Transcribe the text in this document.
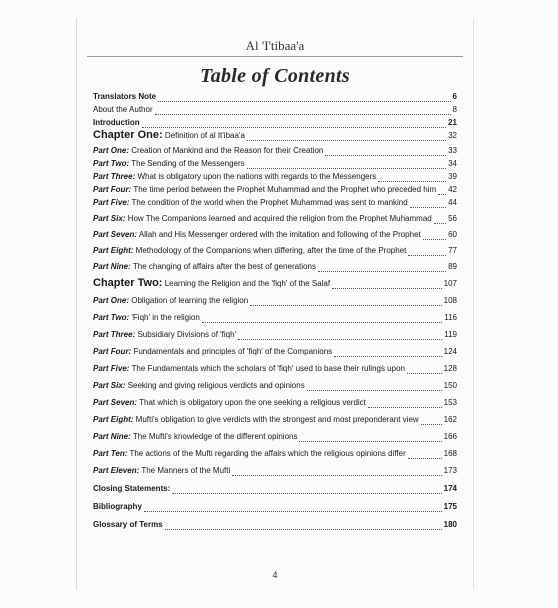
Al 'I'tibaa'a
Table of Contents
Translators Note	6
About the Author	8
Introduction	21
Chapter One: Definition of al It'ibaa'a	32
Part One: Creation of Mankind and the Reason for their Creation	33
Part Two: The Sending of the Messengers	34
Part Three: What is obligatory upon the nations with regards to the Messengers	39
Part Four: The time period between the Prophet Muhammad and the Prophet who preceded him 42
Part Five: The condition of the world when the Prophet Muhammad was sent to mankind	44
Part Six: How The Companions learned and acquired the religion from the Prophet Muhammad 56
Part Seven: Allah and His Messenger ordered with the imitation and following of the Prophet	60
Part Eight: Methodology of the Companions when differing, after the time of the Prophet	77
Part Nine: The changing of affairs after the best of generations	89
Chapter Two: Learning the Religion and the 'fiqh' of the Salaf	107
Part One: Obligation of learning the religion	108
Part Two: 'Fiqh' in the religion	116
Part Three: Subsidiary Divisions of 'fiqh'	119
Part Four: Fundamentals and principles of 'fiqh' of the Companions	124
Part Five: The Fundamentals which the scholars of 'fiqh' used to base their rulings upon	128
Part Six: Seeking and giving religious verdicts and opinions	150
Part Seven: That which is obligatory upon the one seeking a religious verdict	153
Part Eight: Mufti's obligation to give verdicts with the strongest and most preponderant view	162
Part Nine: The Mufti's knowledge of the different opinions	166
Part Ten: The actions of the Mufti regarding the affairs which the religious opinions differ	168
Part Eleven: The Manners of the Mufti	173
Closing Statements:	174
Bibliography	175
Glossary of Terms	180
4
